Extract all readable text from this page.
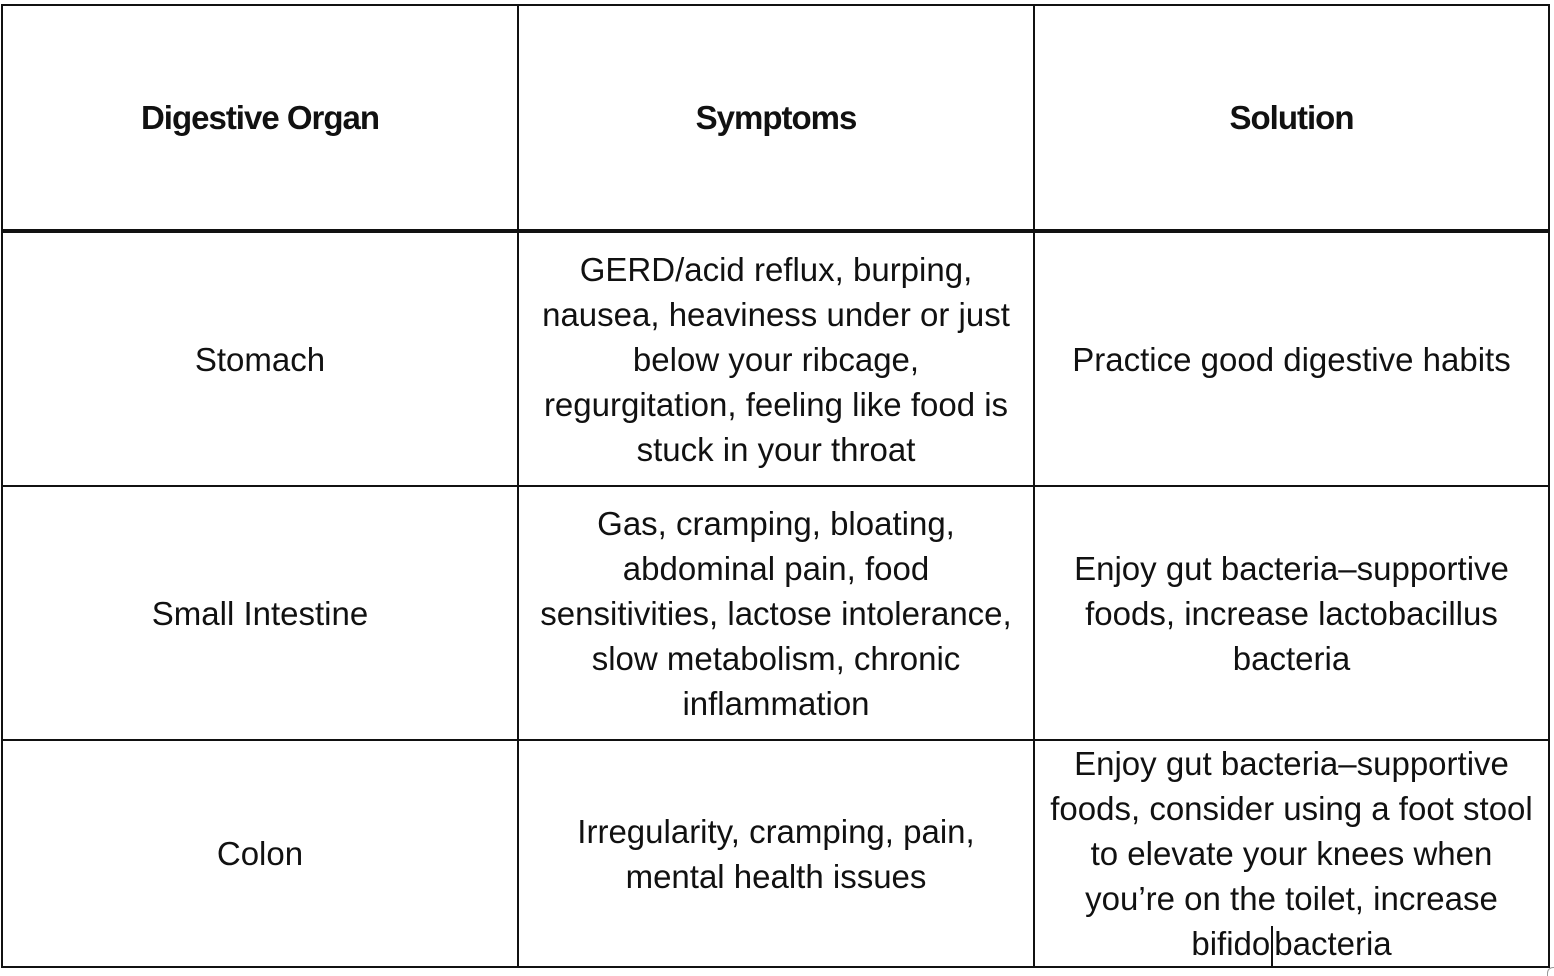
Digestive Organ	Symptoms	Solution
Stomach	GERD/acid reflux, burping, nausea, heaviness under or just below your ribcage, regurgitation, feeling like food is stuck in your throat	Practice good digestive habits
Small Intestine	Gas, cramping, bloating, abdominal pain, food sensitivities, lactose intolerance, slow metabolism, chronic inflammation	Enjoy gut bacteria–supportive foods, increase lactobacillus bacteria
Colon	Irregularity, cramping, pain, mental health issues	Enjoy gut bacteria–supportive foods, consider using a foot stool to elevate your knees when you’re on the toilet, increase bifido bacteria
